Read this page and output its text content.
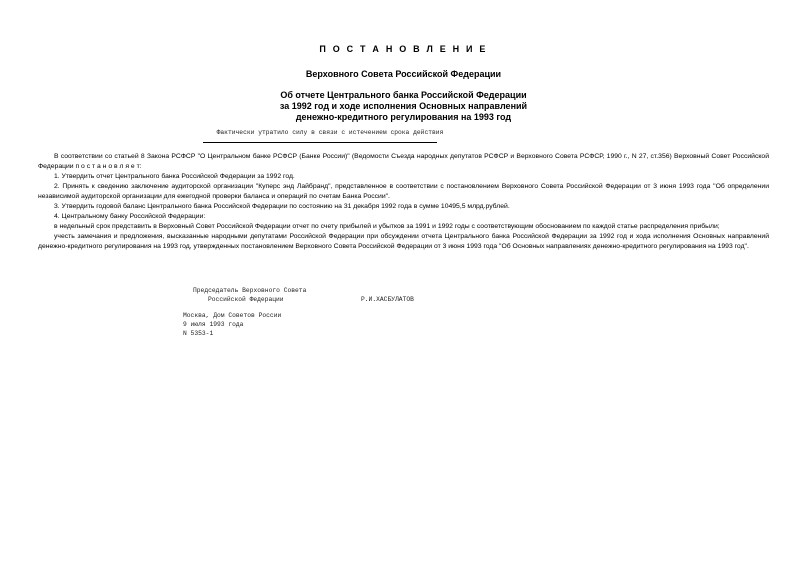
П О С Т А Н О В Л Е Н И Е
Верховного Совета Российской Федерации
Об отчете Центрального банка Российской Федерации
за 1992 год и ходе исполнения Основных направлений
денежно-кредитного регулирования на 1993 год
Фактически утратило силу в связи с истечением срока действия

В соответствии со статьей 8 Закона РСФСР "О Центральном банке РСФСР (Банке России)" (Ведомости Съезда народных депутатов РСФСР и Верховного Совета РСФСР, 1990 г., N 27, ст.356) Верховный Совет Российской Федерации п о с т а н о в л я е т:

1. Утвердить отчет Центрального банка Российской Федерации за 1992 год.

2. Принять к сведению заключение аудиторской организации "Куперс энд Лайбранд", представленное в соответствии с постановлением Верховного Совета Российской Федерации от 3 июня 1993 года "Об определении независимой аудиторской организации для ежегодной проверки баланса и операций по счетам Банка России".

3. Утвердить годовой баланс Центрального банка Российской Федерации по состоянию на 31 декабря 1992 года в сумме 10495,5 млрд.рублей.

4. Центральному банку Российской Федерации:

в недельный срок представить в Верховный Совет Российской Федерации отчет по счету прибылей и убытков за 1991 и 1992 годы с соответствующим обоснованием по каждой статье распределения прибыли;

учесть замечания и предложения, высказанные народными депутатами Российской Федерации при обсуждении отчета Центрального банка Российской Федерации за 1992 год и хода исполнения Основных направлений денежно-кредитного регулирования на 1993 год, утвержденных постановлением Верховного Совета Российской Федерации от 3 июня 1993 года "Об Основных направлениях денежно-кредитного регулирования на 1993 год".

Председатель Верховного Совета
Российской Федерации	Р.И.ХАСБУЛАТОВ
Москва, Дом Советов России
9 июля 1993 года
N 5353-1
